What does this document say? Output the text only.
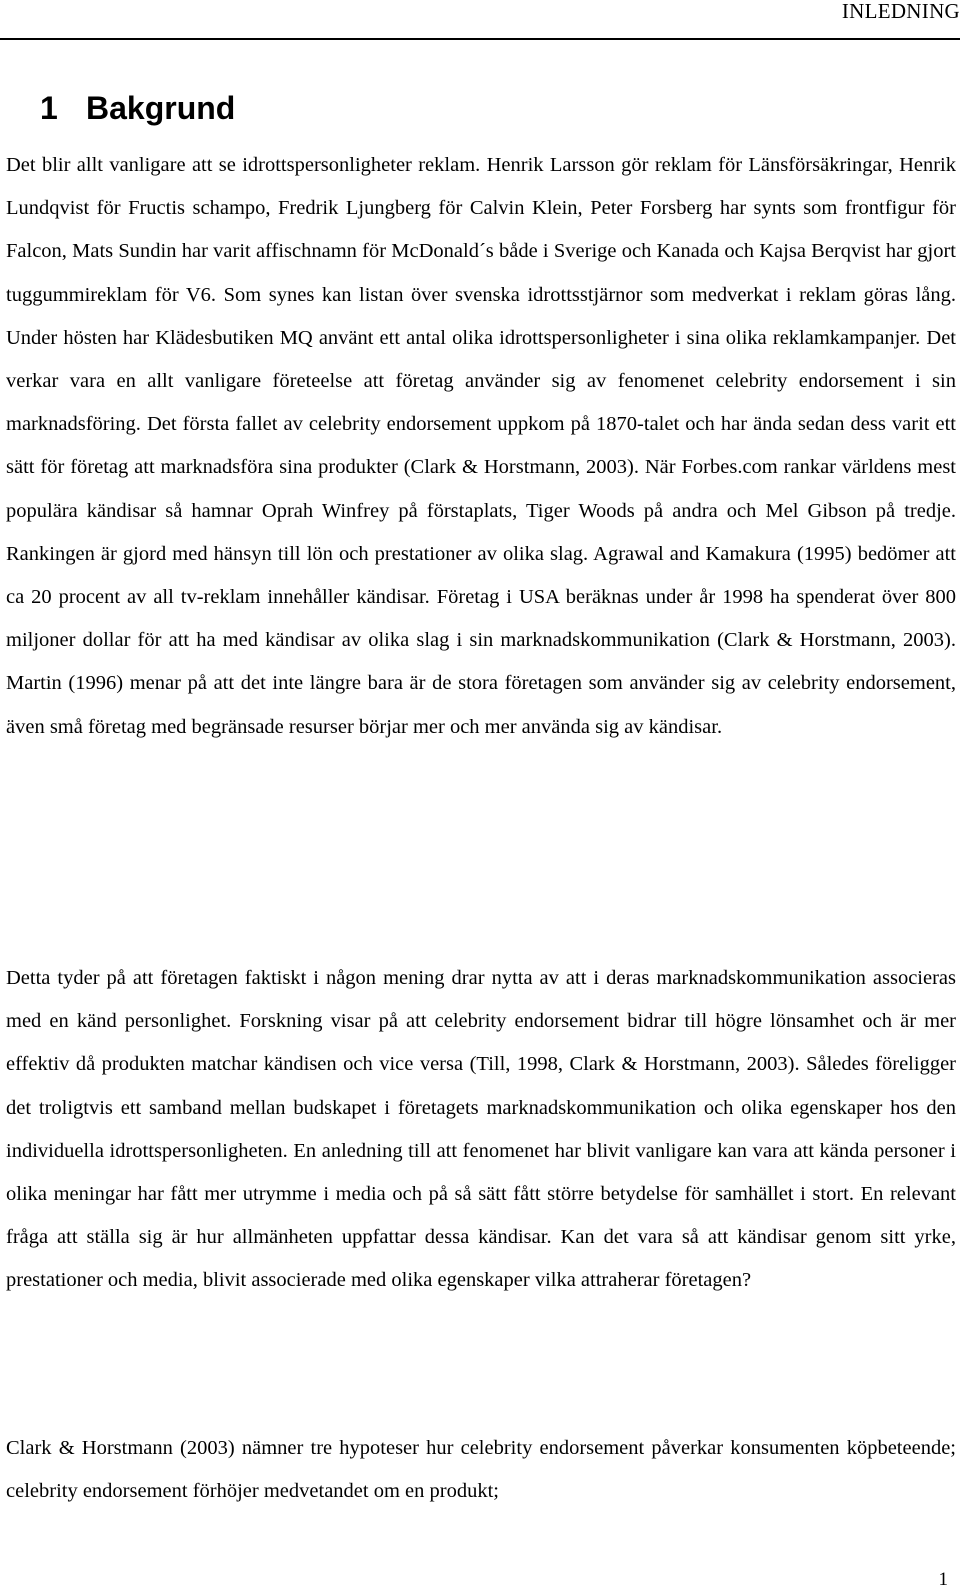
INLEDNING
1 Bakgrund

Det blir allt vanligare att se idrottspersonligheter reklam. Henrik Larsson gör reklam för Länsförsäkringar, Henrik Lundqvist för Fructis schampo, Fredrik Ljungberg för Calvin Klein, Peter Forsberg har synts som frontfigur för Falcon, Mats Sundin har varit affischnamn för McDonald´s både i Sverige och Kanada och Kajsa Berqvist har gjort tuggummireklam för V6. Som synes kan listan över svenska idrottsstjärnor som medverkat i reklam göras lång. Under hösten har Klädesbutiken MQ använt ett antal olika idrottspersonligheter i sina olika reklamkampanjer. Det verkar vara en allt vanligare företeelse att företag använder sig av fenomenet celebrity endorsement i sin marknadsföring. Det första fallet av celebrity endorsement uppkom på 1870-talet och har ända sedan dess varit ett sätt för företag att marknadsföra sina produkter (Clark & Horstmann, 2003). När Forbes.com rankar världens mest populära kändisar så hamnar Oprah Winfrey på förstaplats, Tiger Woods på andra och Mel Gibson på tredje. Rankingen är gjord med hänsyn till lön och prestationer av olika slag. Agrawal and Kamakura (1995) bedömer att ca 20 procent av all tv-reklam innehåller kändisar. Företag i USA beräknas under år 1998 ha spenderat över 800 miljoner dollar för att ha med kändisar av olika slag i sin marknadskommunikation (Clark & Horstmann, 2003). Martin (1996) menar på att det inte längre bara är de stora företagen som använder sig av celebrity endorsement, även små företag med begränsade resurser börjar mer och mer använda sig av kändisar.

Detta tyder på att företagen faktiskt i någon mening drar nytta av att i deras marknadskommunikation associeras med en känd personlighet. Forskning visar på att celebrity endorsement bidrar till högre lönsamhet och är mer effektiv då produkten matchar kändisen och vice versa (Till, 1998, Clark & Horstmann, 2003). Således föreligger det troligtvis ett samband mellan budskapet i företagets marknadskommunikation och olika egenskaper hos den individuella idrottspersonligheten. En anledning till att fenomenet har blivit vanligare kan vara att kända personer i olika meningar har fått mer utrymme i media och på så sätt fått större betydelse för samhället i stort. En relevant fråga att ställa sig är hur allmänheten uppfattar dessa kändisar. Kan det vara så att kändisar genom sitt yrke, prestationer och media, blivit associerade med olika egenskaper vilka attraherar företagen?

Clark & Horstmann (2003) nämner tre hypoteser hur celebrity endorsement påverkar konsumenten köpbeteende; celebrity endorsement förhöjer medvetandet om en produkt;

1
